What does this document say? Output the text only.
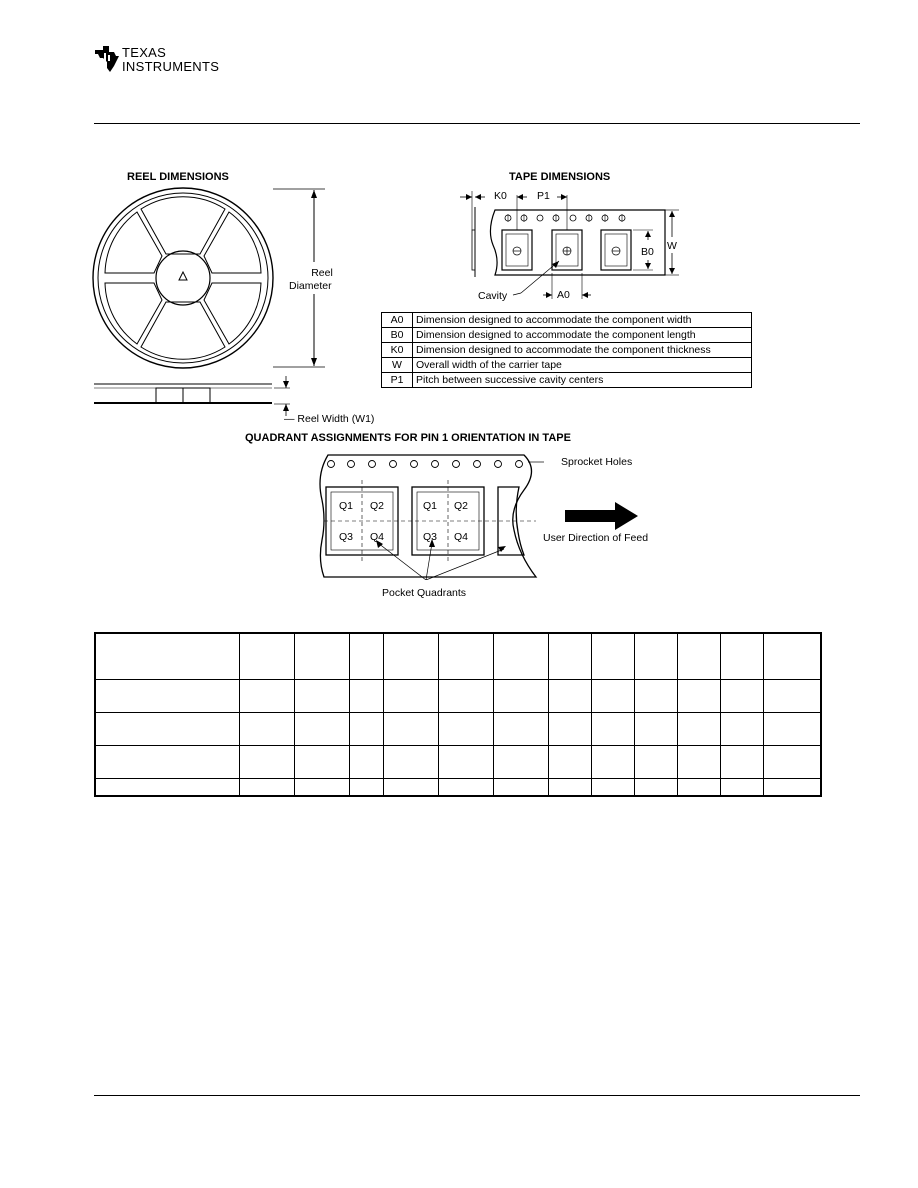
TEXAS
INSTRUMENTS
REEL DIMENSIONS
Reel
Diameter
— Reel Width (W1)
TAPE DIMENSIONS
K0	P1
B0 W
A0
Cavity
A0	Dimension designed to accommodate the component width
B0	Dimension designed to accommodate the component length
K0	Dimension designed to accommodate the component thickness
W	Overall width of the carrier tape
P1	Pitch between successive cavity centers
QUADRANT ASSIGNMENTS FOR PIN 1 ORIENTATION IN TAPE
Q1 Q2
Q3 Q4
Q1 Q2
Q3 Q4
Sprocket Holes
User Direction of Feed
Pocket Quadrants
